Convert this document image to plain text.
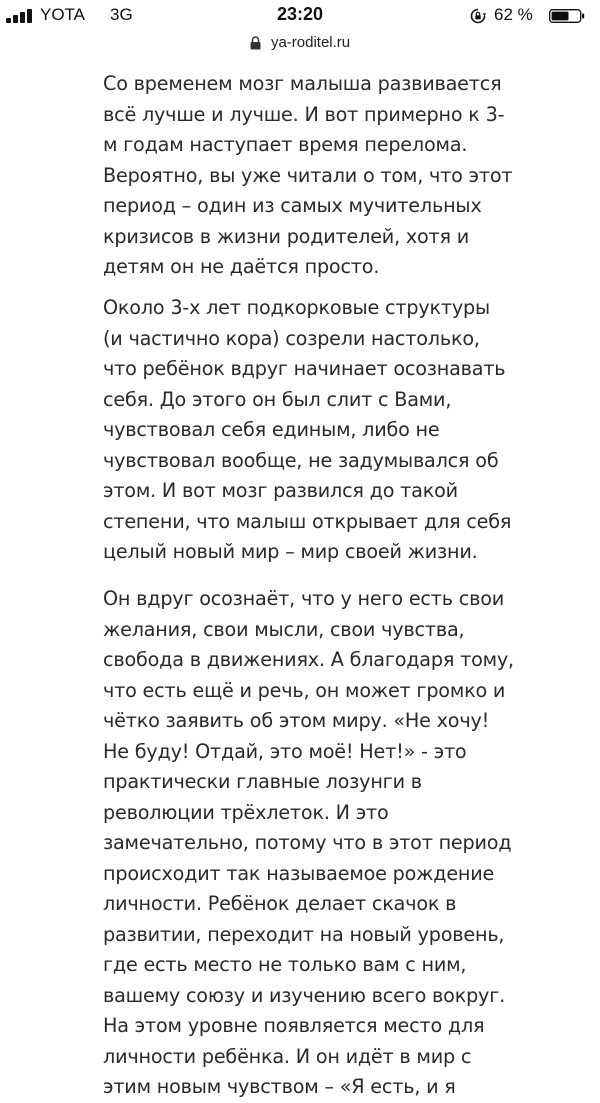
YOTA 3G	23:20	62 %
ya-roditel.ru

Со временем мозг малыша развивается
всё лучше и лучше. И вот примерно к 3-
м годам наступает время перелома.
Вероятно, вы уже читали о том, что этот
период – один из самых мучительных
кризисов в жизни родителей, хотя и
детям он не даётся просто.

Около 3-х лет подкорковые структуры
(и частично кора) созрели настолько,
что ребёнок вдруг начинает осознавать
себя. До этого он был слит с Вами,
чувствовал себя единым, либо не
чувствовал вообще, не задумывался об
этом. И вот мозг развился до такой
степени, что малыш открывает для себя
целый новый мир – мир своей жизни.

Он вдруг осознаёт, что у него есть свои
желания, свои мысли, свои чувства,
свобода в движениях. А благодаря тому,
что есть ещё и речь, он может громко и
чётко заявить об этом миру. «Не хочу!
Не буду! Отдай, это моё! Нет!» - это
практически главные лозунги в
революции трёхлеток. И это
замечательно, потому что в этот период
происходит так называемое рождение
личности. Ребёнок делает скачок в
развитии, переходит на новый уровень,
где есть место не только вам с ним,
вашему союзу и изучению всего вокруг.
На этом уровне появляется место для
личности ребёнка. И он идёт в мир с
этим новым чувством – «Я есть, и я
